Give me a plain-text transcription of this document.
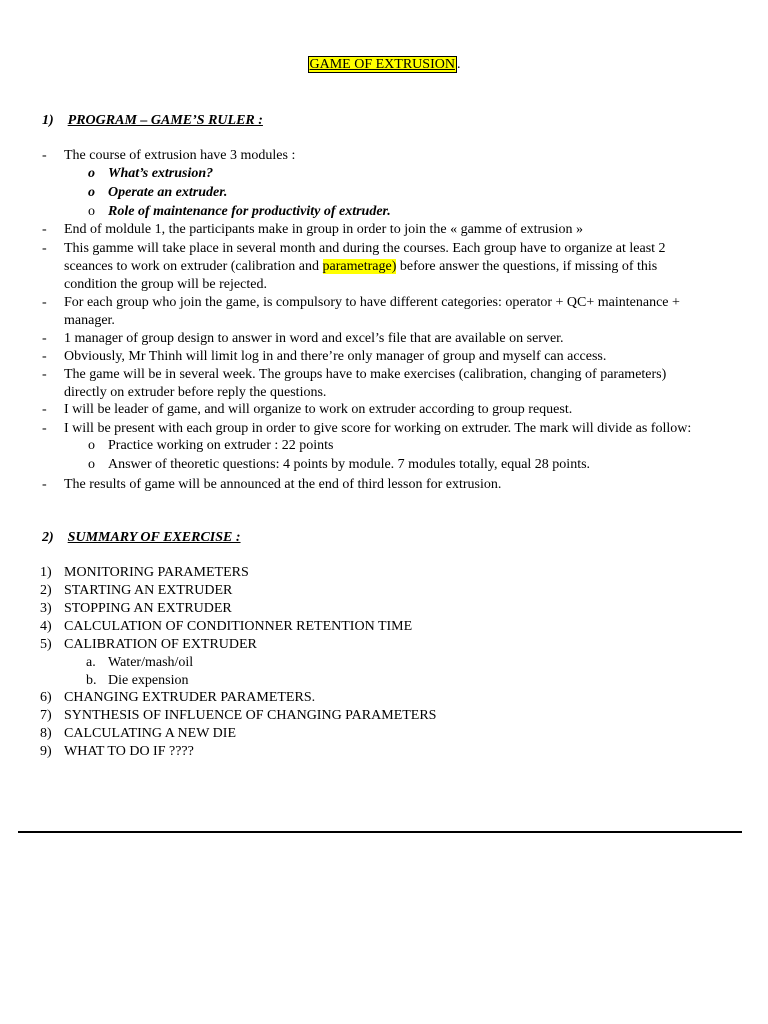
GAME OF EXTRUSION .
1) PROGRAM – GAME’S RULER :
- The course of extrusion have 3 modules :
o What’s extrusion?
o Operate an extruder.
o Role of maintenance for productivity of extruder.
- End of moldule 1, the participants make in group in order to join the « gamme of extrusion »
- This gamme will take place in several month and during the courses. Each group have to organize at least 2
sceances to work on extruder (calibration and parametrage) before answer the questions, if missing of this
condition the group will be rejected.
- For each group who join the game, is compulsory to have different categories: operator + QC+ maintenance +
manager.
- 1 manager of group design to answer in word and excel’s file that are available on server.
- Obviously, Mr Thinh will limit log in and there’re only manager of group and myself can access.
- The game will be in several week. The groups have to make exercises (calibration, changing of parameters)
directly on extruder before reply the questions.
- I will be leader of game, and will organize to work on extruder according to group request.
- I will be present with each group in order to give score for working on extruder. The mark will divide as follow:
o Practice working on extruder : 22 points
o Answer of theoretic questions: 4 points by module. 7 modules totally, equal 28 points.
- The results of game will be announced at the end of third lesson for extrusion.
2) SUMMARY OF EXERCISE :
1) MONITORING PARAMETERS
2) STARTING AN EXTRUDER
3) STOPPING AN EXTRUDER
4) CALCULATION OF CONDITIONNER RETENTION TIME
5) CALIBRATION OF EXTRUDER
a. Water/mash/oil
b. Die expension
6) CHANGING EXTRUDER PARAMETERS.
7) SYNTHESIS OF INFLUENCE OF CHANGING PARAMETERS
8) CALCULATING A NEW DIE
9) WHAT TO DO IF ????
